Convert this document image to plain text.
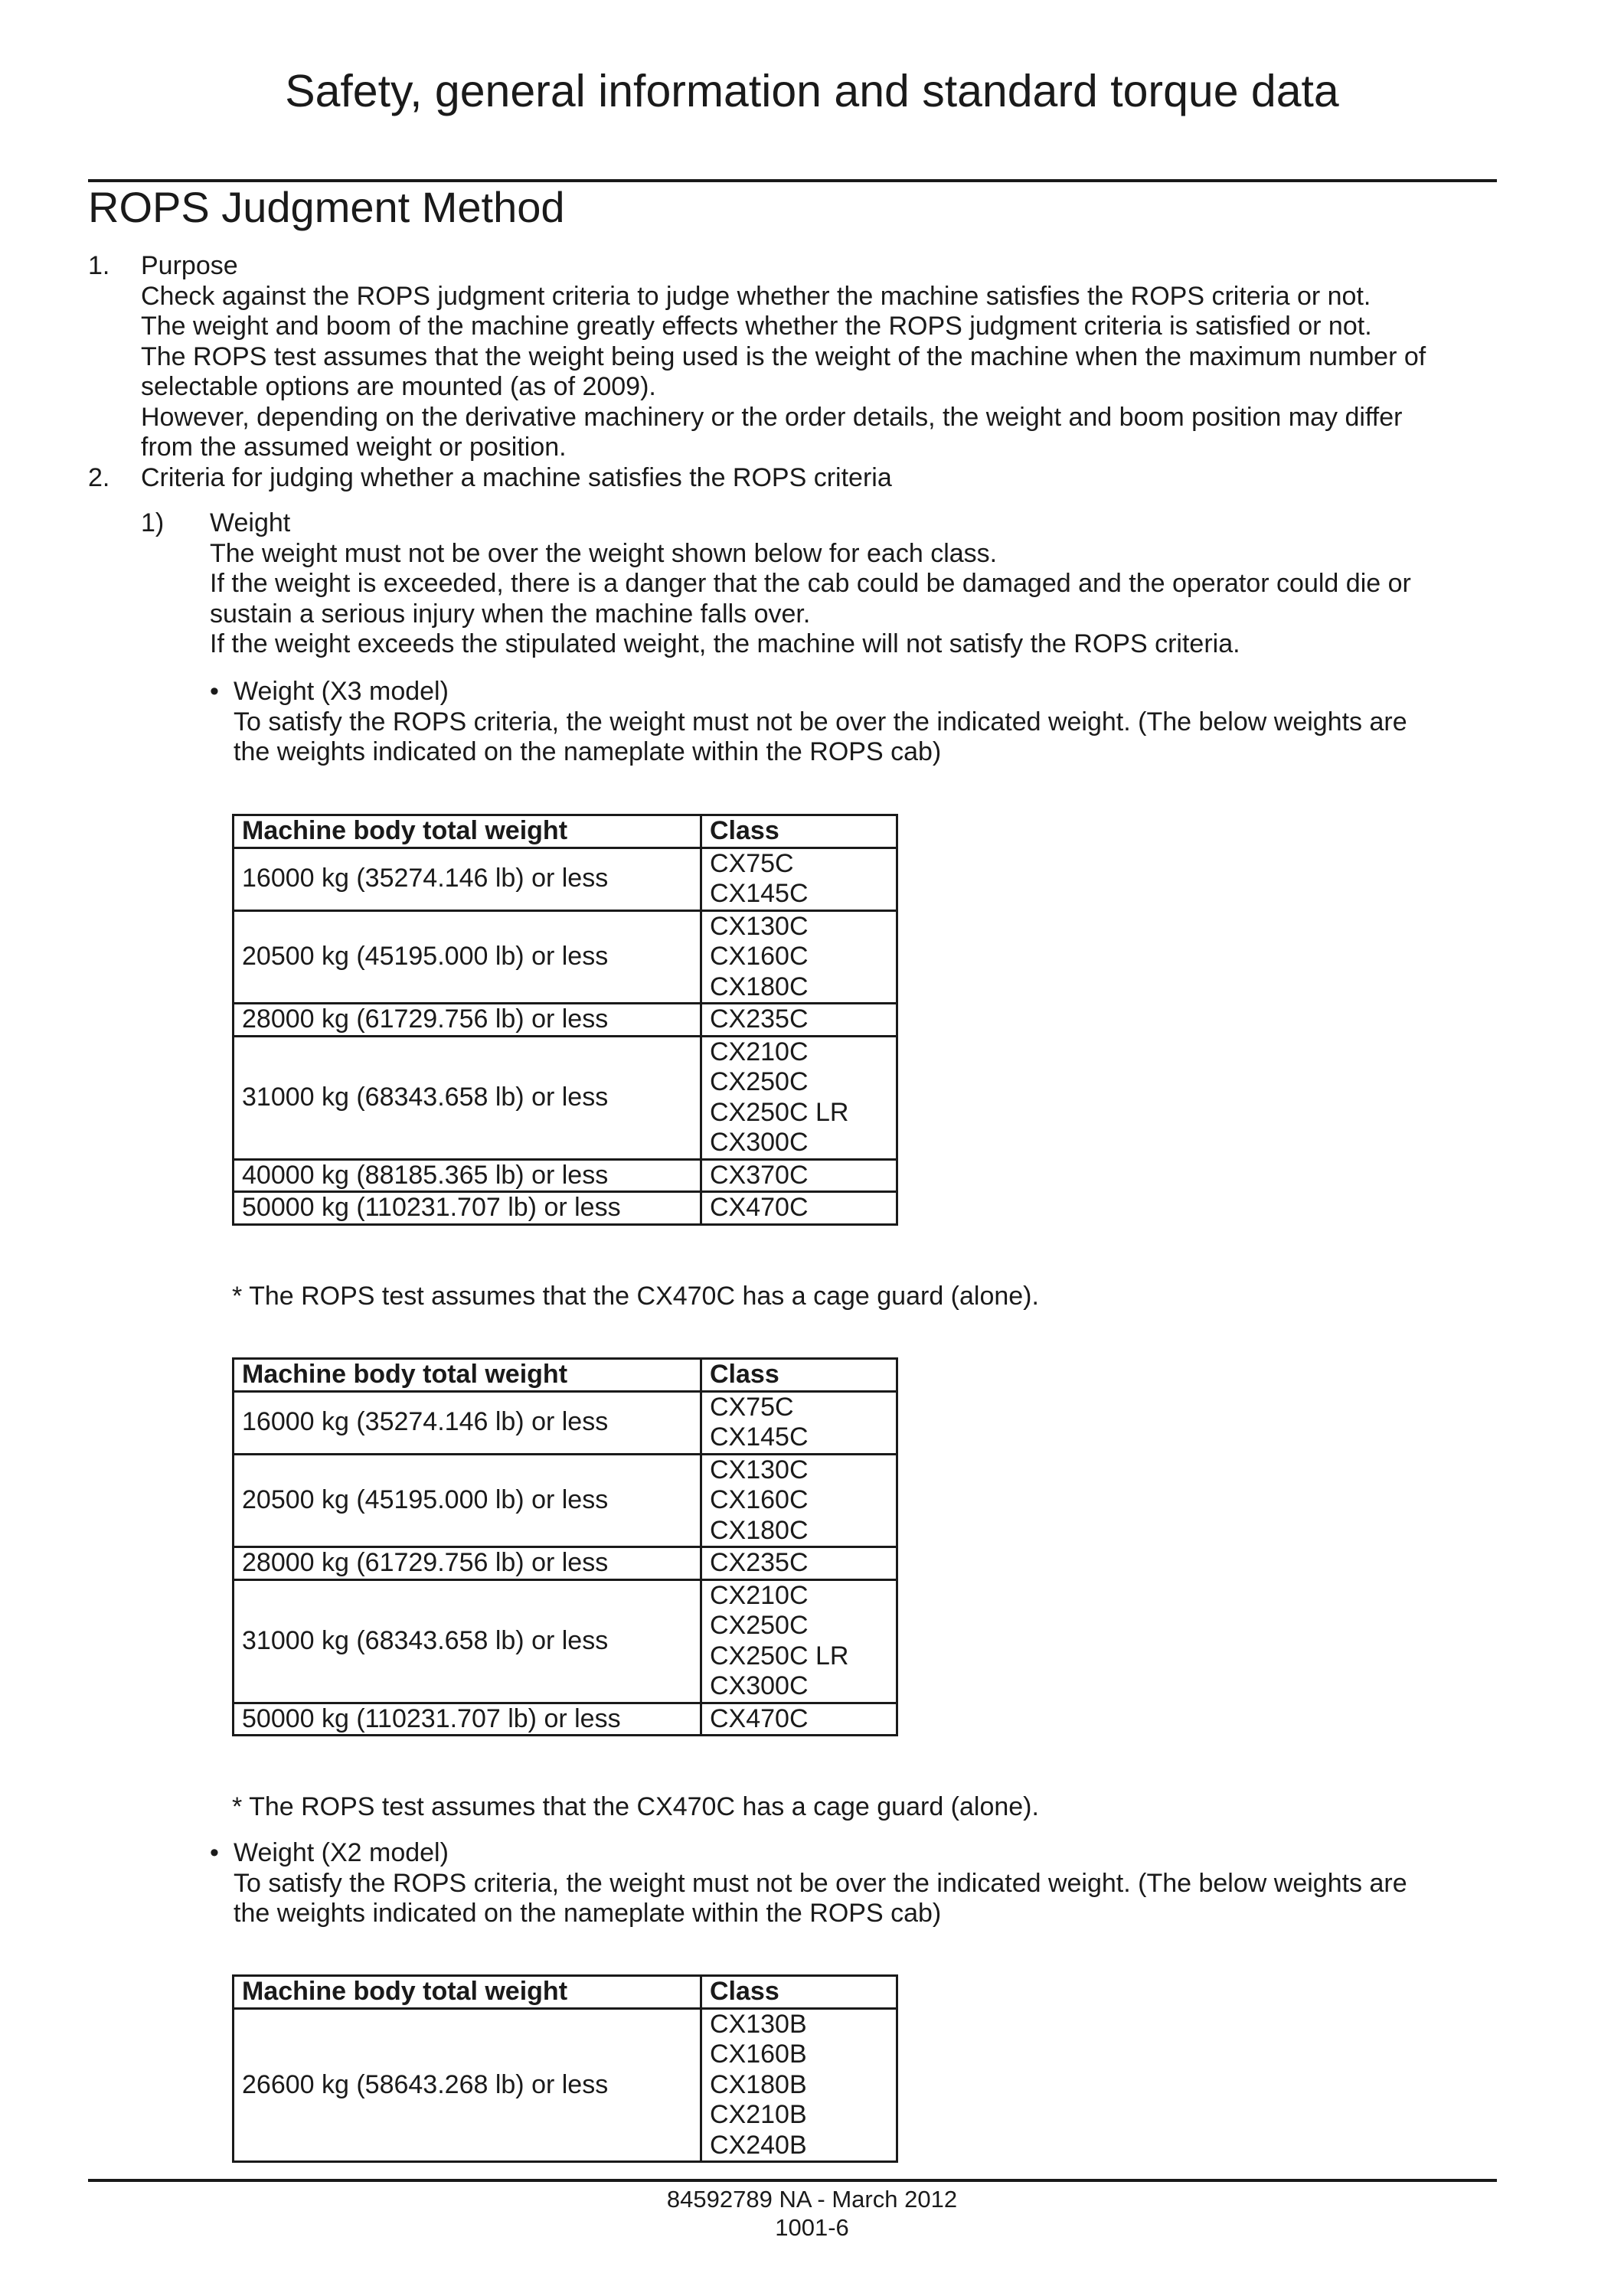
Safety, general information and standard torque data
ROPS Judgment Method
1. Purpose
Check against the ROPS judgment criteria to judge whether the machine satisfies the ROPS criteria or not.
The weight and boom of the machine greatly effects whether the ROPS judgment criteria is satisfied or not.
The ROPS test assumes that the weight being used is the weight of the machine when the maximum number of
selectable options are mounted (as of 2009).
However, depending on the derivative machinery or the order details, the weight and boom position may differ
from the assumed weight or position.
2. Criteria for judging whether a machine satisfies the ROPS criteria
1) Weight
The weight must not be over the weight shown below for each class.
If the weight is exceeded, there is a danger that the cab could be damaged and the operator could die or
sustain a serious injury when the machine falls over.
If the weight exceeds the stipulated weight, the machine will not satisfy the ROPS criteria.
• Weight (X3 model)
To satisfy the ROPS criteria, the weight must not be over the indicated weight. (The below weights are
the weights indicated on the nameplate within the ROPS cab)
Machine body total weight	Class
16000 kg (35274.146 lb) or less	CX75C
CX145C

20500 kg (45195.000 lb) or less	CX130C
CX160C
CX180C

28000 kg (61729.756 lb) or less	CX235C

31000 kg (68343.658 lb) or less	CX210C
CX250C
CX250C LR
CX300C

40000 kg (88185.365 lb) or less	CX370C

50000 kg (110231.707 lb) or less	CX470C
* The ROPS test assumes that the CX470C has a cage guard (alone).
Machine body total weight	Class
16000 kg (35274.146 lb) or less	CX75C
CX145C

20500 kg (45195.000 lb) or less	CX130C
CX160C
CX180C

28000 kg (61729.756 lb) or less	CX235C

31000 kg (68343.658 lb) or less	CX210C
CX250C
CX250C LR
CX300C

50000 kg (110231.707 lb) or less	CX470C
* The ROPS test assumes that the CX470C has a cage guard (alone).
• Weight (X2 model)
To satisfy the ROPS criteria, the weight must not be over the indicated weight. (The below weights are
the weights indicated on the nameplate within the ROPS cab)
Machine body total weight	Class
26600 kg (58643.268 lb) or less	CX130B
CX160B
CX180B
CX210B
CX240B
84592789 NA - March 2012
1001-6
